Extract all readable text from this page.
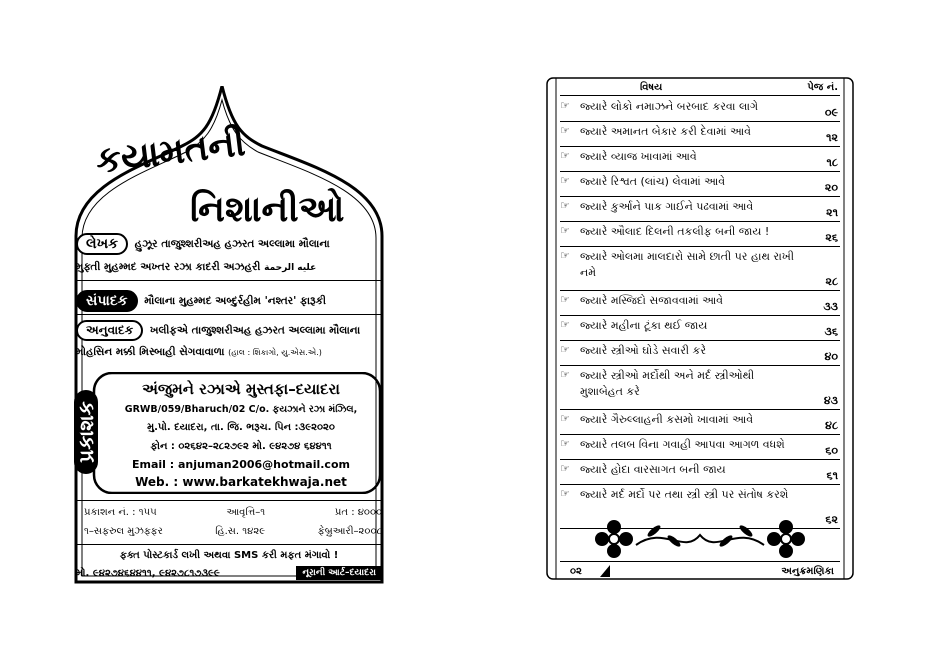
કયામતની
નિશાનીઓ
લેખક હુઝૂર તાજુશ્શરીઅહ હઝરત અલ્લામા મૌલાના
મુફ્તી મુહમ્મદ અખ્તર રઝા કાદરી અઝહરી عليه الرحمة
સંપાદક મૌલાના મુહમ્મદ અબ્દુર્રહીમ 'નશ્તર' ફારૂકી
અનુવાદક ખલીફએ તાજુશ્શરીઅહ હઝરત અલ્લામા મૌલાના
મોહસિન મક્કી મિસ્બાહી સેગવાવાળા (હાલ : શિકાગો, યુ.એસ.એ.)
પ્રકાશક
અંજુમને રઝાએ મુસ્તફા–દયાદરા
GRWB/059/Bharuch/02 C/o. ફયઝાને રઝા મંઝિલ,
મુ.પો. દયાદરા, તા. જિ. ભરૂચ. પિન :૩૯૨૦૨૦
ફોન : ૦૨૬૪૨–૨૮૨૭૯૨ મો. ૯૪૨૭૪ ૬૪૪૧૧
Email : anjuman2006@hotmail.com
Web. : www.barkatekhwaja.net
પ્રકાશન નં. : ૧૫૫	આવૃત્તિ–૧	પ્રત : ૪૦૦૦
૧–સફરુલ મુઝફ્ફર	હિ.સ. ૧૪૨૯	ફેબ્રુઆરી–૨૦૦૮
ફક્ત પોસ્ટકાર્ડ લખી અથવા SMS કરી મફત મંગાવો !
મો. ૯૪૨૭૪૬૪૪૧૧, ૯૪૨૭૮૧૭૩૯૯	નૂરાની આર્ટ–દયાદરા
વિષય	પેજ નં.
☞ જ્યારે લોકો નમાઝને બરબાદ કરવા લાગે	૦૯
☞ જ્યારે અમાનત બેકાર કરી દેવામાં આવે	૧૨
☞ જ્યારે વ્યાજ ખાવામાં આવે	૧૮
☞ જ્યારે રિશ્વત (લાંચ) લેવામાં આવે	૨૦
☞ જ્યારે કુર્આને પાક ગાઈને પઢવામાં આવે	૨૧
☞ જ્યારે ઔલાદ દિલની તકલીફ બની જાય !	૨૬
☞ જ્યારે ઓલમા માલદારો સામે છાતી પર હાથ રાખી નમે
૨૮
☞ જ્યારે મસ્જિદો સજાવવામાં આવે	૩૩
☞ જ્યારે મહીના ટૂંકા થઈ જાય	૩૬
☞ જ્યારે સ્ત્રીઓ ઘોડે સવારી કરે	૪૦
☞ જ્યારે સ્ત્રીઓ મર્દોથી અને મર્દ સ્ત્રીઓથી મુશાબેહત કરે
૪૩
☞ જ્યારે ગૈરુલ્લાહની કસમો ખાવામાં આવે	૪૮
☞ જ્યારે તલબ વિના ગવાહી આપવા આગળ વધશે	૬૦
☞ જ્યારે હોદા વારસાગત બની જાય	૬૧
☞ જ્યારે મર્દ મર્દો પર તથા સ્ત્રી સ્ત્રી પર સંતોષ કરશે
૬૨
૦૨	અનુક્રમણિકા
